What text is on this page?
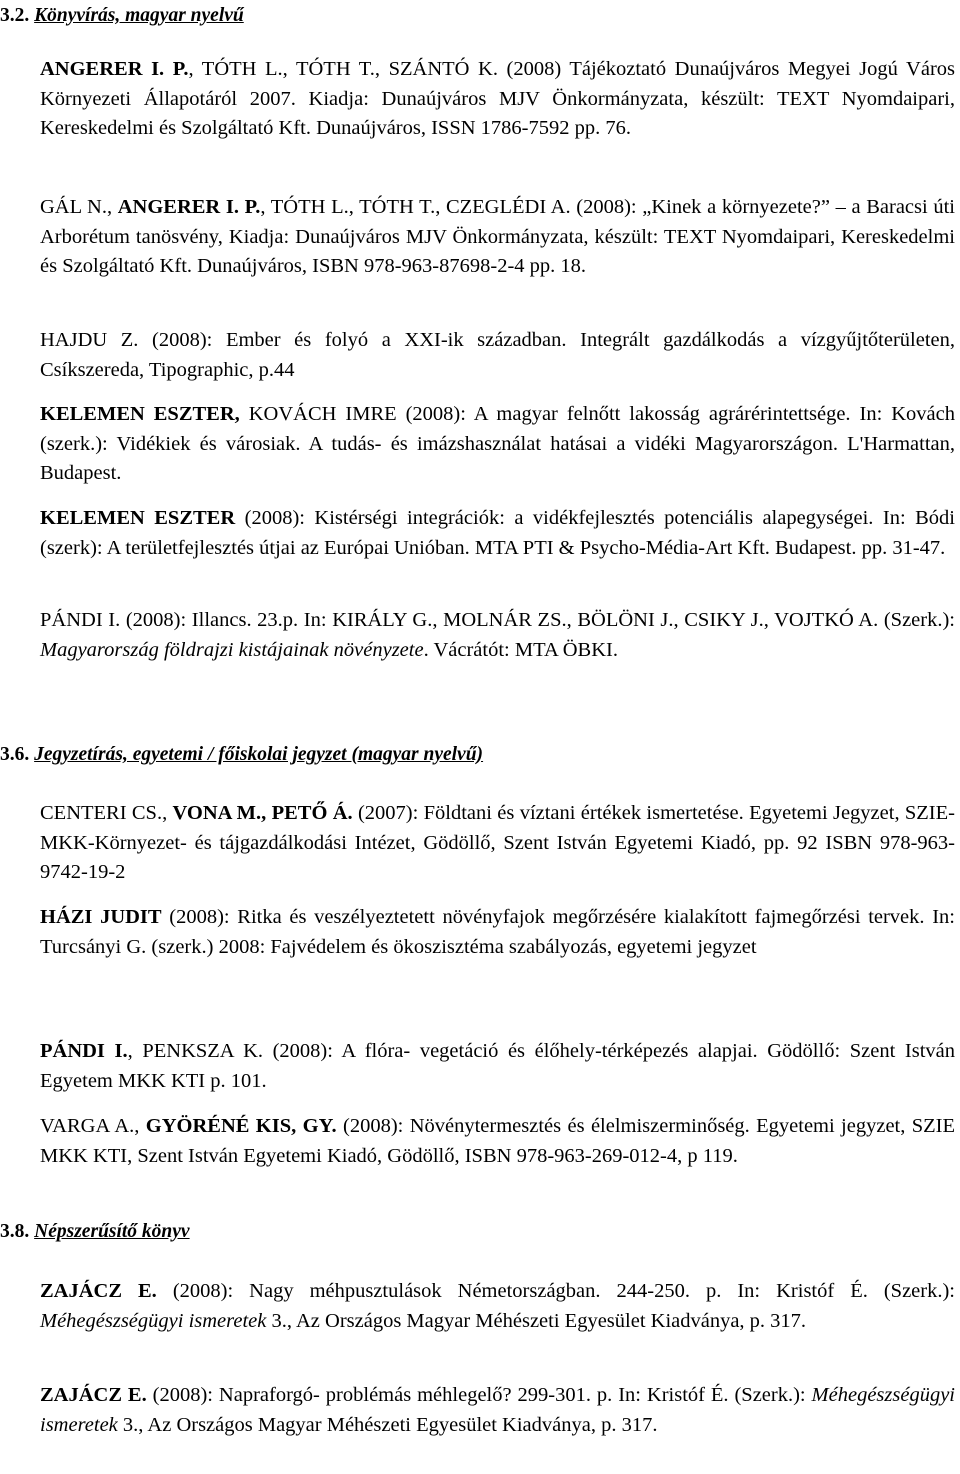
3.2. Könyvírás, magyar nyelvű

ANGERER I. P., TÓTH L., TÓTH T., SZÁNTÓ K. (2008) Tájékoztató Dunaújváros Megyei Jogú Város Környezeti Állapotáról 2007. Kiadja: Dunaújváros MJV Önkormányzata, készült: TEXT Nyomdaipari, Kereskedelmi és Szolgáltató Kft. Dunaújváros, ISSN 1786-7592 pp. 76.

GÁL N., ANGERER I. P., TÓTH L., TÓTH T., CZEGLÉDI A. (2008): „Kinek a környezete?” – a Baracsi úti Arborétum tanösvény, Kiadja: Dunaújváros MJV Önkormányzata, készült: TEXT Nyomdaipari, Kereskedelmi és Szolgáltató Kft. Dunaújváros, ISBN 978-963-87698-2-4 pp. 18.

HAJDU Z. (2008): Ember és folyó a XXI-ik században. Integrált gazdálkodás a vízgyűjtőterületen, Csíkszereda, Tipographic, p.44

KELEMEN ESZTER, KOVÁCH IMRE (2008): A magyar felnőtt lakosság agrárérintettsége. In: Kovách (szerk.): Vidékiek és városiak. A tudás- és imázshasználat hatásai a vidéki Magyarországon. L'Harmattan, Budapest.

KELEMEN ESZTER (2008): Kistérségi integrációk: a vidékfejlesztés potenciális alapegységei. In: Bódi (szerk): A területfejlesztés útjai az Európai Unióban. MTA PTI & Psycho-Média-Art Kft. Budapest. pp. 31-47.

PÁNDI I. (2008): Illancs. 23.p. In: KIRÁLY G., MOLNÁR ZS., BÖLÖNI J., CSIKY J., VOJTKÓ A. (Szerk.): Magyarország földrajzi kistájainak növényzete. Vácrátót: MTA ÖBKI.

3.6. Jegyzetírás, egyetemi / főiskolai jegyzet (magyar nyelvű)

CENTERI CS., VONA M., PETŐ Á. (2007): Földtani és víztani értékek ismertetése. Egyetemi Jegyzet, SZIE-MKK-Környezet- és tájgazdálkodási Intézet, Gödöllő, Szent István Egyetemi Kiadó, pp. 92 ISBN 978-963-9742-19-2

HÁZI JUDIT (2008): Ritka és veszélyeztetett növényfajok megőrzésére kialakított fajmegőrzési tervek. In: Turcsányi G. (szerk.) 2008: Fajvédelem és ökoszisztéma szabályozás, egyetemi jegyzet

PÁNDI I., PENKSZA K. (2008): A flóra- vegetáció és élőhely-térképezés alapjai. Gödöllő: Szent István Egyetem MKK KTI p. 101.

VARGA A., GYÖRÉNÉ KIS, GY. (2008): Növénytermesztés és élelmiszerminőség. Egyetemi jegyzet, SZIE MKK KTI, Szent István Egyetemi Kiadó, Gödöllő, ISBN 978-963-269-012-4, p 119.

3.8. Népszerűsítő könyv

ZAJÁCZ E. (2008): Nagy méhpusztulások Németországban. 244-250. p. In: Kristóf É. (Szerk.): Méhegészségügyi ismeretek 3., Az Országos Magyar Méhészeti Egyesület Kiadványa, p. 317.

ZAJÁCZ E. (2008): Napraforgó- problémás méhlegelő? 299-301. p. In: Kristóf É. (Szerk.): Méhegészségügyi ismeretek 3., Az Országos Magyar Méhészeti Egyesület Kiadványa, p. 317.
